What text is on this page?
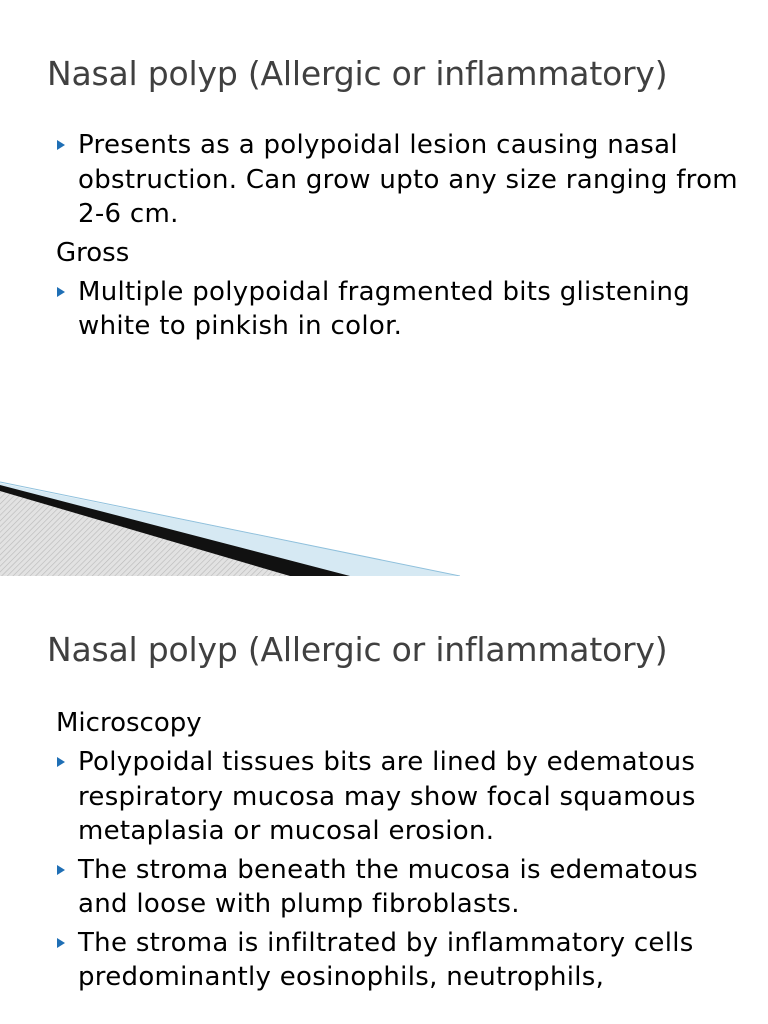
Nasal polyp (Allergic or inflammatory)
Presents as a polypoidal lesion causing nasal obstruction. Can grow upto any size ranging from 2-6 cm.
Gross
Multiple polypoidal fragmented bits glistening white to pinkish in color.
Nasal polyp (Allergic or inflammatory)
Microscopy
Polypoidal tissues bits are lined by edematous respiratory mucosa may show focal squamous metaplasia or mucosal erosion.
The stroma beneath the mucosa is edematous and loose with plump fibroblasts.
The stroma is infiltrated by inflammatory cells predominantly eosinophils, neutrophils,
